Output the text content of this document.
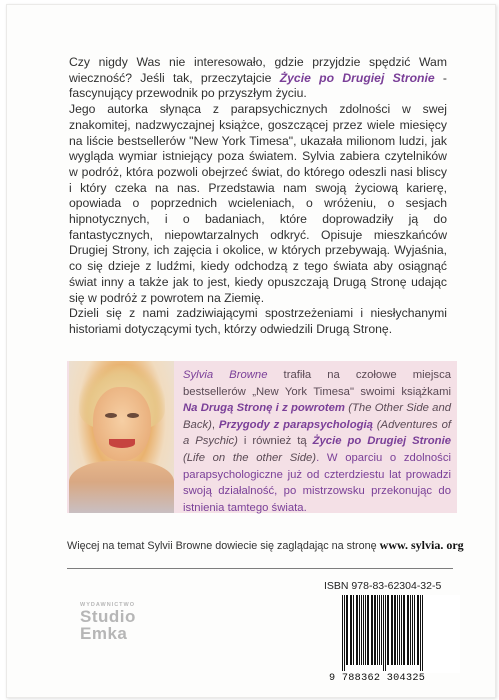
Czy nigdy Was nie interesowało, gdzie przyjdzie spędzić Wam wieczność? Jeśli tak, przeczytajcie Życie po Drugiej Stronie - fascynujący przewodnik po przyszłym życiu.

Jego autorka słynąca z parapsychicznych zdolności w swej znakomitej, nadzwyczajnej książce, goszczącej przez wiele miesięcy na liście bestsellerów "New York Timesa", ukazała milionom ludzi, jak wygląda wymiar istniejący poza światem. Sylvia zabiera czytelników w podróż, która pozwoli obejrzeć świat, do którego odeszli nasi bliscy i który czeka na nas. Przedstawia nam swoją życiową karierę, opowiada o poprzednich wcieleniach, o wróżeniu, o sesjach hipnotycznych, i o badaniach, które doprowadziły ją do fantastycznych, niepowtarzalnych odkryć. Opisuje mieszkańców Drugiej Strony, ich zajęcia i okolice, w których przebywają. Wyjaśnia, co się dzieje z ludźmi, kiedy odchodzą z tego świata aby osiągnąć świat inny a także jak to jest, kiedy opuszczają Drugą Stronę udając się w podróż z powrotem na Ziemię.

Dzieli się z nami zadziwiającymi spostrzeżeniami i niesłychanymi historiami dotyczącymi tych, którzy odwiedzili Drugą Stronę.

Sylvia Browne trafiła na czołowe miejsca bestsellerów „New York Timesa" swoimi książkami Na Drugą Stronę i z powrotem (The Other Side and Back), Przygody z parapsychologią (Adventures of a Psychic) i również tą Życie po Drugiej Stronie (Life on the other Side). W oparciu o zdolności parapsychologiczne już od czterdziestu lat prowadzi swoją działalność, po mistrzowsku przekonując do istnienia tamtego świata.
Więcej na temat Sylvii Browne dowiecie się zaglądając na stronę www. sylvia. org
WYDAWNICTWO
Studio
Emka
ISBN 978-83-62304-32-5
9 788362 304325
